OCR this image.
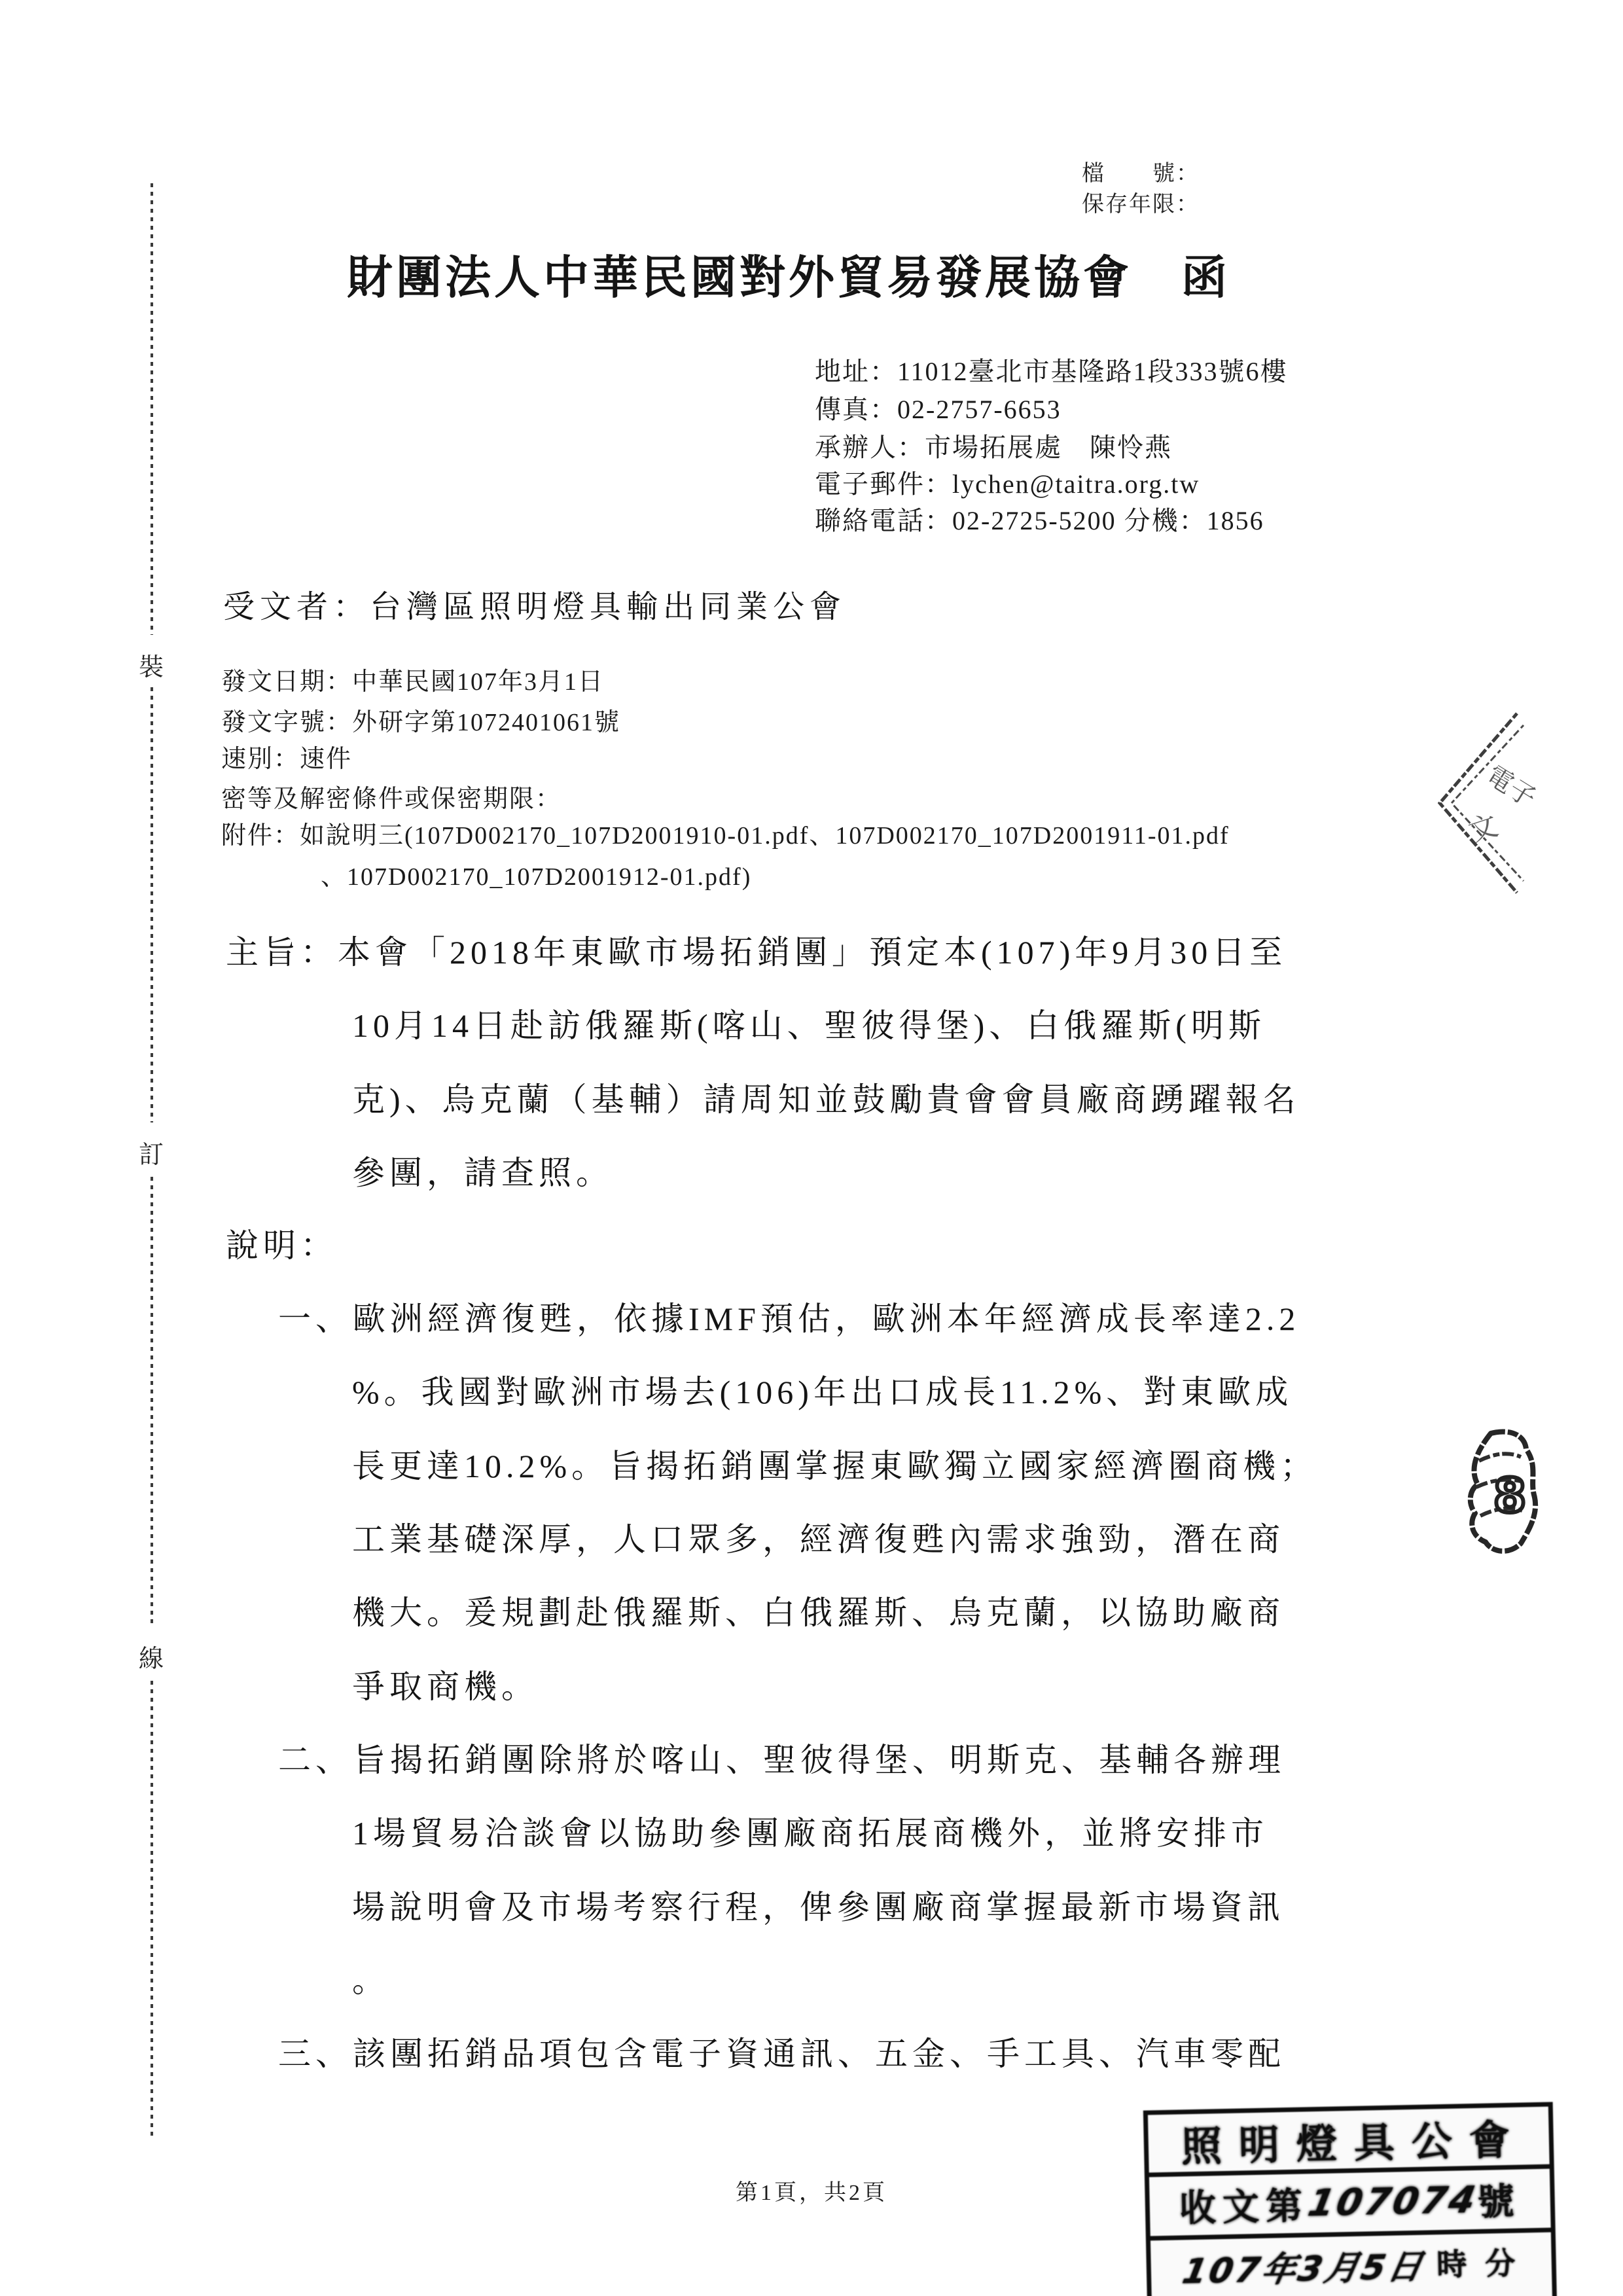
檔　　號：
保存年限：
財團法人中華民國對外貿易發展協會　函
地址：11012臺北市基隆路1段333號6樓
傳真：02-2757-6653
承辦人：市場拓展處　陳怜燕
電子郵件：lychen@taitra.org.tw
聯絡電話：02-2725-5200 分機：1856
受文者：台灣區照明燈具輸出同業公會
發文日期：中華民國107年3月1日
發文字號：外研字第1072401061號
速別：速件
密等及解密條件或保密期限：
附件：如說明三(107D002170_107D2001910-01.pdf、107D002170_107D2001911-01.pdf
、107D002170_107D2001912-01.pdf)
主旨：本會「2018年東歐市場拓銷團」預定本(107)年9月30日至
10月14日赴訪俄羅斯(喀山、聖彼得堡)、白俄羅斯(明斯
克)、烏克蘭（基輔）請周知並鼓勵貴會會員廠商踴躍報名
參團，請查照。
說明：
一、歐洲經濟復甦，依據IMF預估，歐洲本年經濟成長率達2.2
%。我國對歐洲市場去(106)年出口成長11.2%、對東歐成
長更達10.2%。旨揭拓銷團掌握東歐獨立國家經濟圈商機；
工業基礎深厚，人口眾多，經濟復甦內需求強勁，潛在商
機大。爰規劃赴俄羅斯、白俄羅斯、烏克蘭，以協助廠商
爭取商機。
二、旨揭拓銷團除將於喀山、聖彼得堡、明斯克、基輔各辦理
1場貿易洽談會以協助參團廠商拓展商機外，並將安排市
場說明會及市場考察行程，俾參團廠商掌握最新市場資訊
。
三、該團拓銷品項包含電子資通訊、五金、手工具、汽車零配
裝
訂
線
電子
文
8
照明燈具公會
收文第
107074
號
107年3月5日 時 分
第1頁，共2頁
